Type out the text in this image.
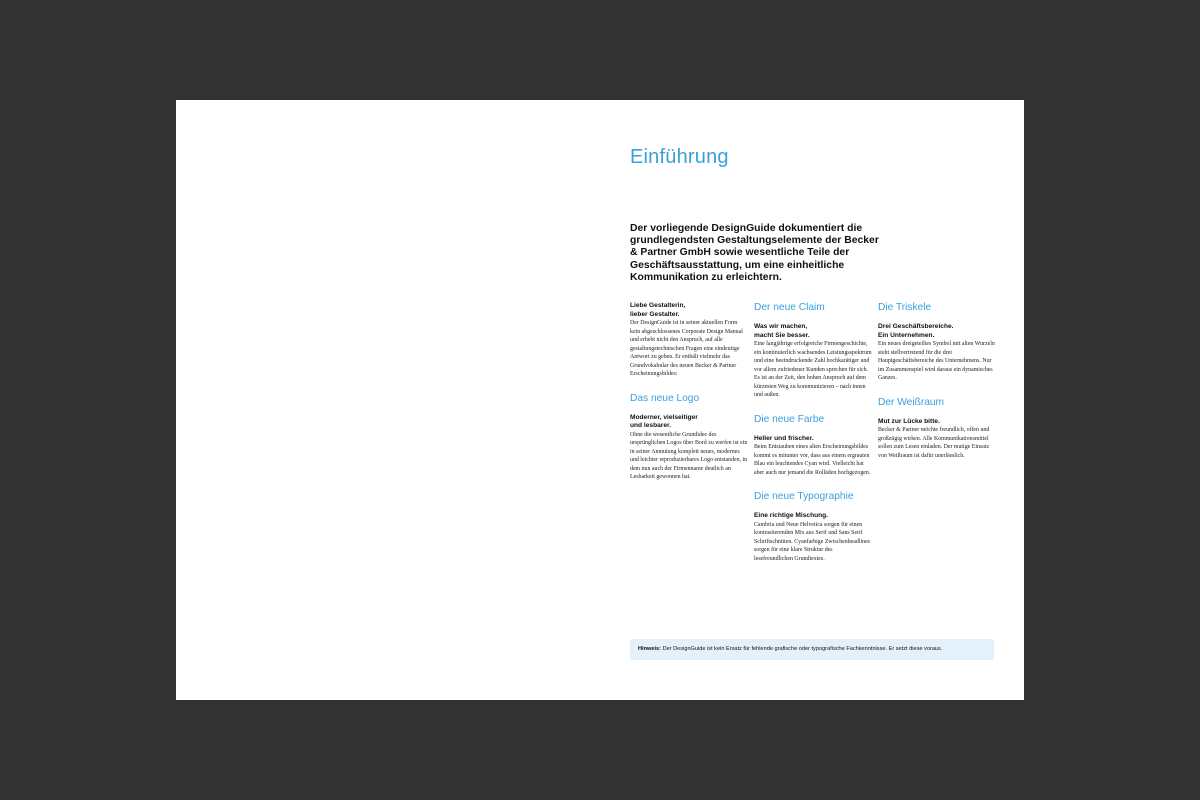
Einführung

Der vorliegende DesignGuide dokumentiert die grundlegendsten Gestaltungselemente der Becker & Partner GmbH sowie wesentliche Teile der Geschäftsausstattung, um eine einheitliche Kommunikation zu erleichtern.

Liebe Gestalterin,
lieber Gestalter.

Der DesignGuide ist in seiner aktuellen Form kein abgeschlossenes Corporate Design Manual und erhebt nicht den Anspruch, auf alle gestaltungstechnischen Fragen eine eindeutige Antwort zu geben. Er enthält vielmehr das Grundvokabular des neuen Becker & Partner Erscheinungsbildes:

Das neue Logo

Moderner, vielseitiger
und lesbarer.

Ohne die wesentliche Grundidee des ursprünglichen Logos über Bord zu werfen ist ein in seiner Anmutung komplett neues, modernes und leichter reproduzierbares Logo entstanden, in dem nun auch der Firmenname deutlich an Lesbarkeit gewonnen hat.

Der neue Claim

Was wir machen,
macht Sie besser.

Eine langjährige erfolgreiche Firmengeschichte, ein kontinuierlich wachsendes Leistungsspektrum und eine beeindruckende Zahl hochkarätiger und vor allem zufriedener Kunden sprechen für sich. Es ist an der Zeit, den hohen Anspruch auf dem kürzesten Weg zu kommunizieren – nach innen und außen.

Die neue Farbe

Heller und frischer.

Beim Entstauben eines alten Erscheinungsbildes kommt es mitunter vor, dass aus einem ergrauten Blau ein leuchtendes Cyan wird. Vielleicht hat aber auch nur jemand die Rolläden hochgezogen.

Die neue Typographie

Eine richtige Mischung.

Cambria und Neue Helvetica sorgen für einen kontrastierenden Mix aus Serif und Sans Serif Schriftschnitten. Cyanfarbige Zwischenheadlines sorgen für eine klare Struktur des lesefreundlichen Grundtextes.

Die Triskele

Drei Geschäftsbereiche.
Ein Unternehmen.

Ein neues dreigeteiltes Symbol mit alten Wurzeln steht stellvertretend für die drei Hauptgeschäftsbereiche des Unternehmens. Nur im Zusammenspiel wird daraus ein dynamisches Ganzes.

Der Weißraum

Mut zur Lücke bitte.

Becker & Partner möchte freundlich, offen und großzügig wirken. Alle Kommunikationsmittel sollen zum Lesen einladen. Der mutige Einsatz von Weißraum ist dafür unerlässlich.

Hinweis: Der DesignGuide ist kein Ersatz für fehlende grafische oder typografische Fachkenntnisse. Er setzt diese voraus.
